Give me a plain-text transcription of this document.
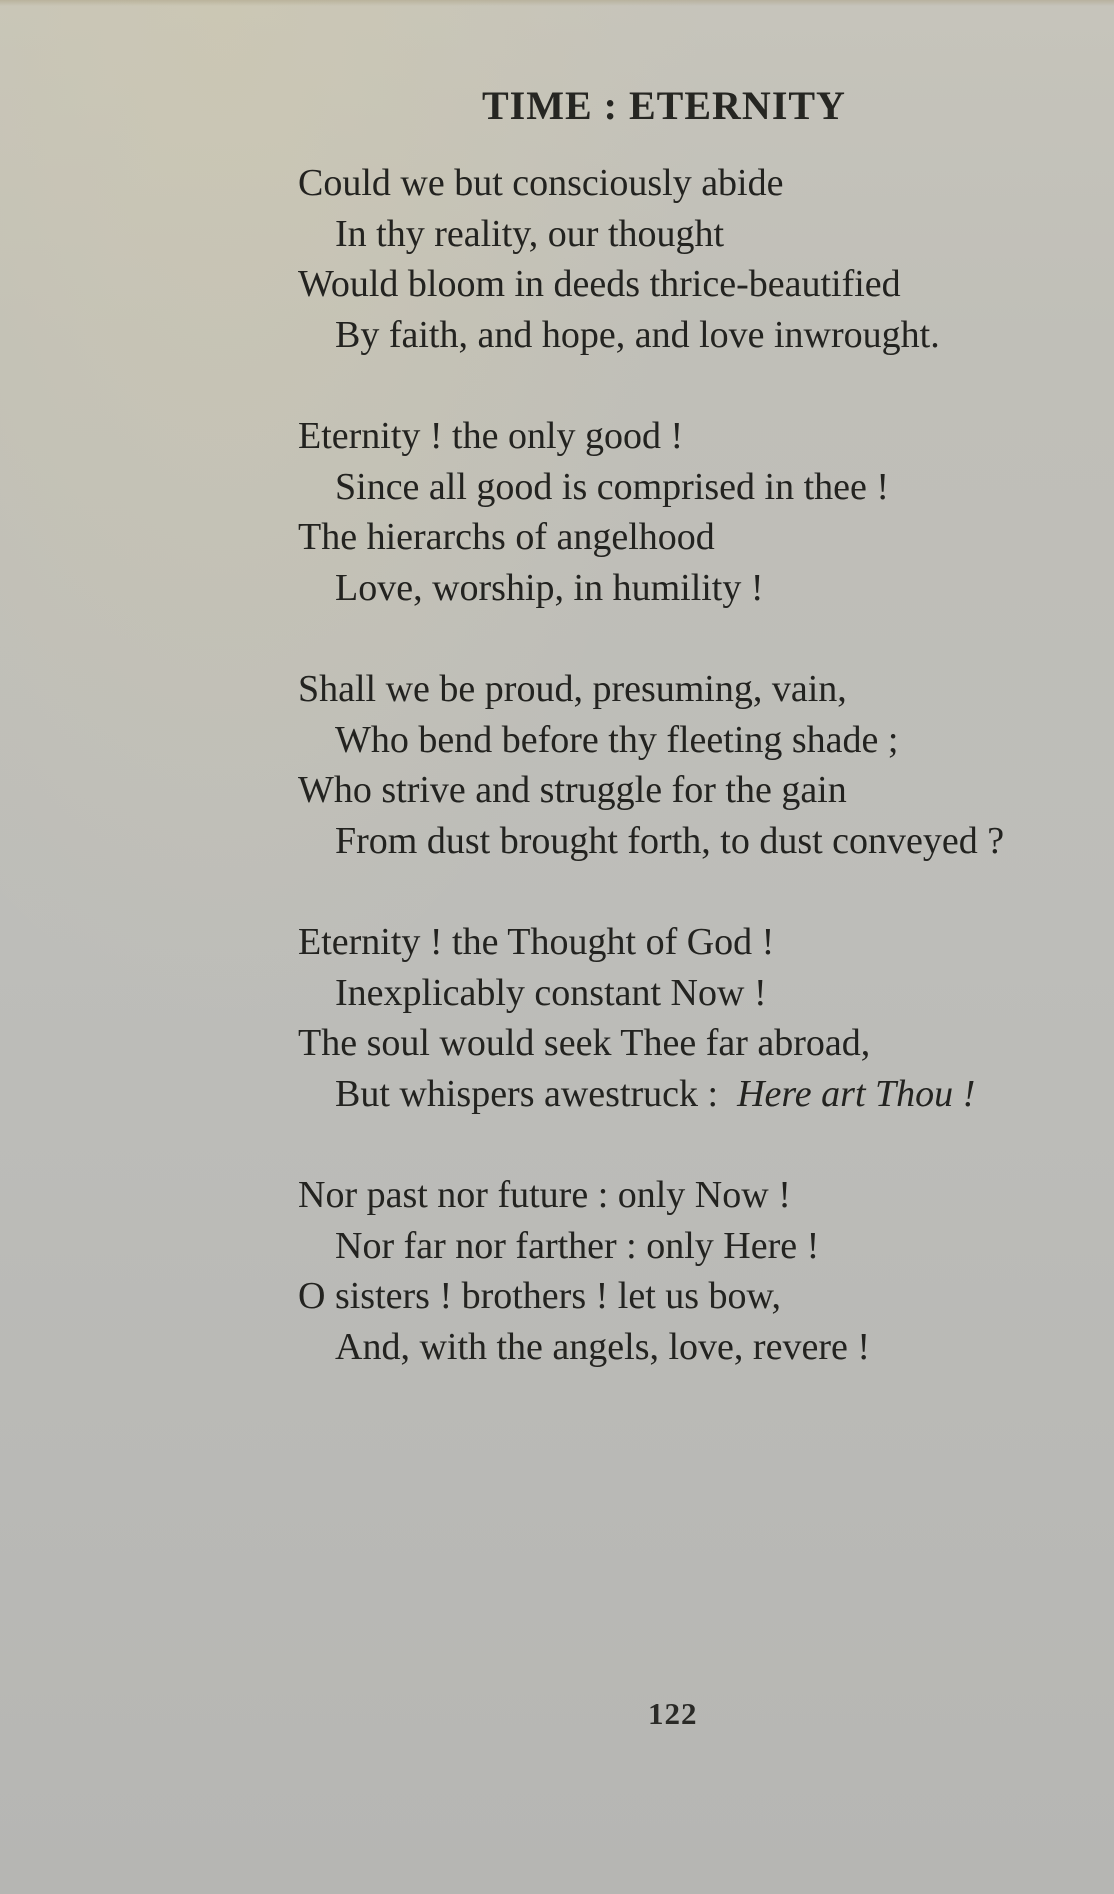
TIME : ETERNITY
Could we but consciously abide
In thy reality, our thought
Would bloom in deeds thrice-beautified
By faith, and hope, and love inwrought.
Eternity ! the only good !
Since all good is comprised in thee !
The hierarchs of angelhood
Love, worship, in humility !
Shall we be proud, presuming, vain,
Who bend before thy fleeting shade ;
Who strive and struggle for the gain
From dust brought forth, to dust conveyed ?
Eternity ! the Thought of God !
Inexplicably constant Now !
The soul would seek Thee far abroad,
But whispers awestruck : Here art Thou !
Nor past nor future : only Now !
Nor far nor farther : only Here !
O sisters ! brothers ! let us bow,
And, with the angels, love, revere !
122
